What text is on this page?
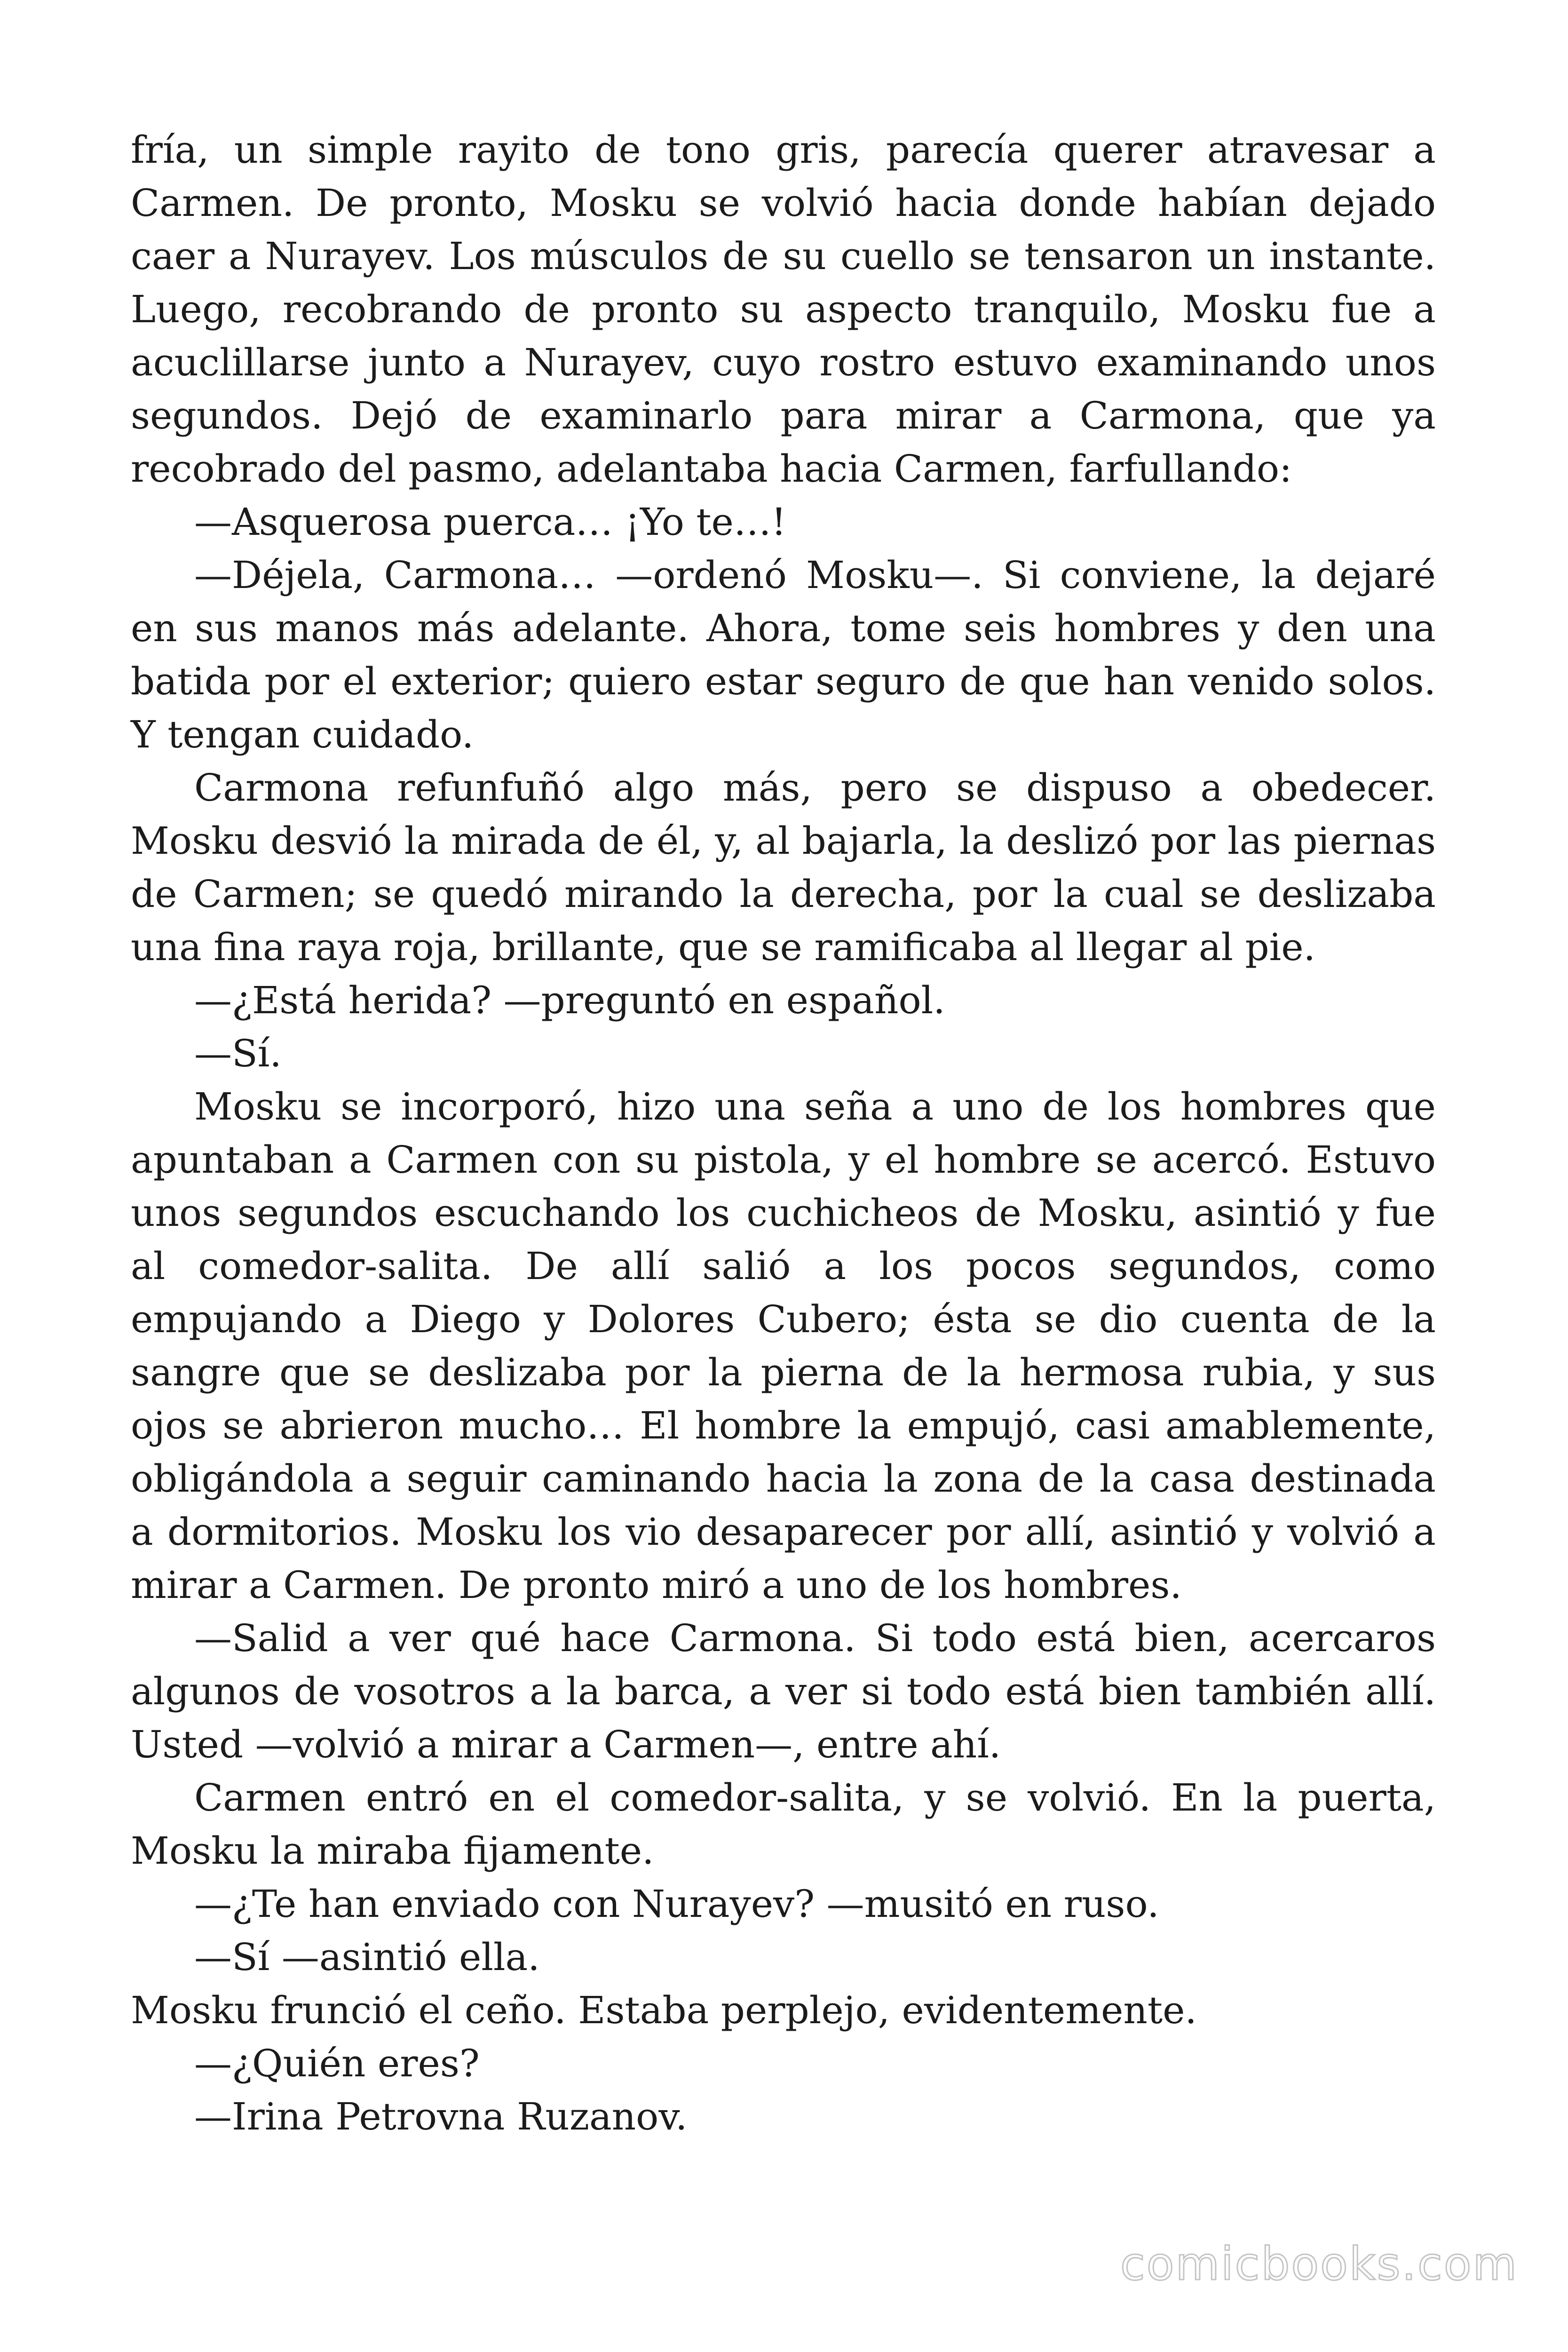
fría, un simple rayito de tono gris, parecía querer atravesar a Carmen. De pronto, Mosku se volvió hacia donde habían dejado caer a Nurayev. Los músculos de su cuello se tensaron un instante. Luego, recobrando de pronto su aspecto tranquilo, Mosku fue a acuclillarse junto a Nurayev, cuyo rostro estuvo examinando unos segundos. Dejó de examinarlo para mirar a Carmona, que ya recobrado del pasmo, adelantaba hacia Carmen, farfullando:

—Asquerosa puerca… ¡Yo te…!

—Déjela, Carmona… —ordenó Mosku—. Si conviene, la dejaré en sus manos más adelante. Ahora, tome seis hombres y den una batida por el exterior; quiero estar seguro de que han venido solos. Y tengan cuidado.

Carmona refunfuñó algo más, pero se dispuso a obedecer. Mosku desvió la mirada de él, y, al bajarla, la deslizó por las piernas de Carmen; se quedó mirando la derecha, por la cual se deslizaba una fina raya roja, brillante, que se ramificaba al llegar al pie.

—¿Está herida? —preguntó en español.

—Sí.

Mosku se incorporó, hizo una seña a uno de los hombres que apuntaban a Carmen con su pistola, y el hombre se acercó. Estuvo unos segundos escuchando los cuchicheos de Mosku, asintió y fue al comedor-salita. De allí salió a los pocos segundos, como empujando a Diego y Dolores Cubero; ésta se dio cuenta de la sangre que se deslizaba por la pierna de la hermosa rubia, y sus ojos se abrieron mucho… El hombre la empujó, casi amablemente, obligándola a seguir caminando hacia la zona de la casa destinada a dormitorios. Mosku los vio desaparecer por allí, asintió y volvió a mirar a Carmen. De pronto miró a uno de los hombres.

—Salid a ver qué hace Carmona. Si todo está bien, acercaros algunos de vosotros a la barca, a ver si todo está bien también allí. Usted —volvió a mirar a Carmen—, entre ahí.

Carmen entró en el comedor-salita, y se volvió. En la puerta, Mosku la miraba fijamente.

—¿Te han enviado con Nurayev? —musitó en ruso.

—Sí —asintió ella.

Mosku frunció el ceño. Estaba perplejo, evidentemente.

—¿Quién eres?

—Irina Petrovna Ruzanov.

comicbooks.com
